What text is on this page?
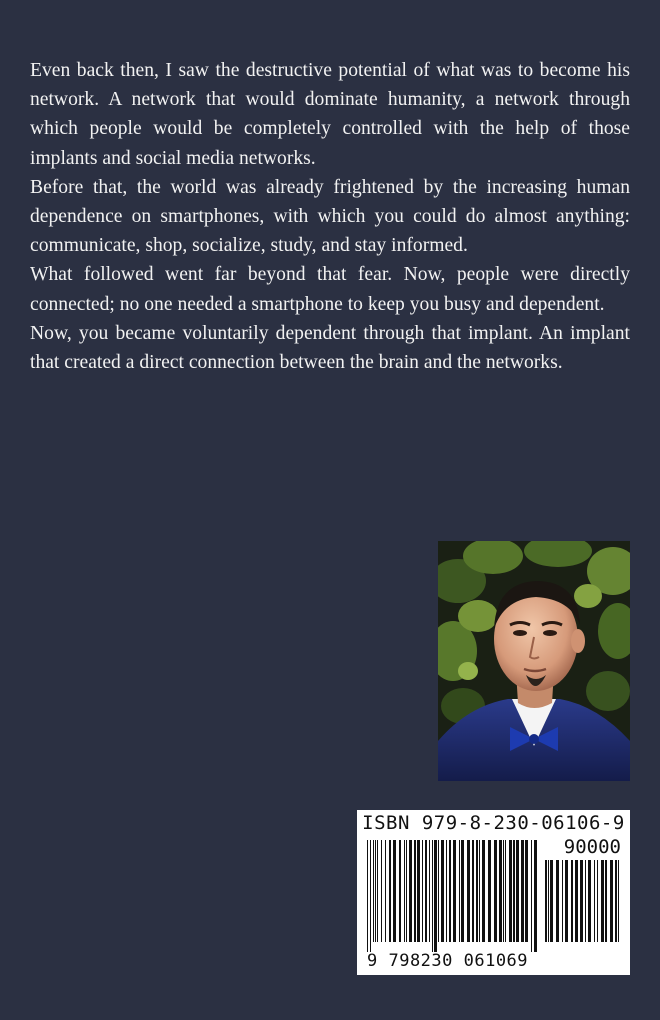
Even back then, I saw the destructive potential of what was to become his network. A network that would dominate humanity, a network through which people would be completely controlled with the help of those implants and social media networks.

Before that, the world was already frightened by the increasing human dependence on smartphones, with which you could do almost anything: communicate, shop, socialize, study, and stay informed.

What followed went far beyond that fear. Now, people were directly connected; no one needed a smartphone to keep you busy and dependent.

Now, you became voluntarily dependent through that implant. An implant that created a direct connection between the brain and the networks.

ISBN 979-8-230-06106-9
90000
9 798230 061069
